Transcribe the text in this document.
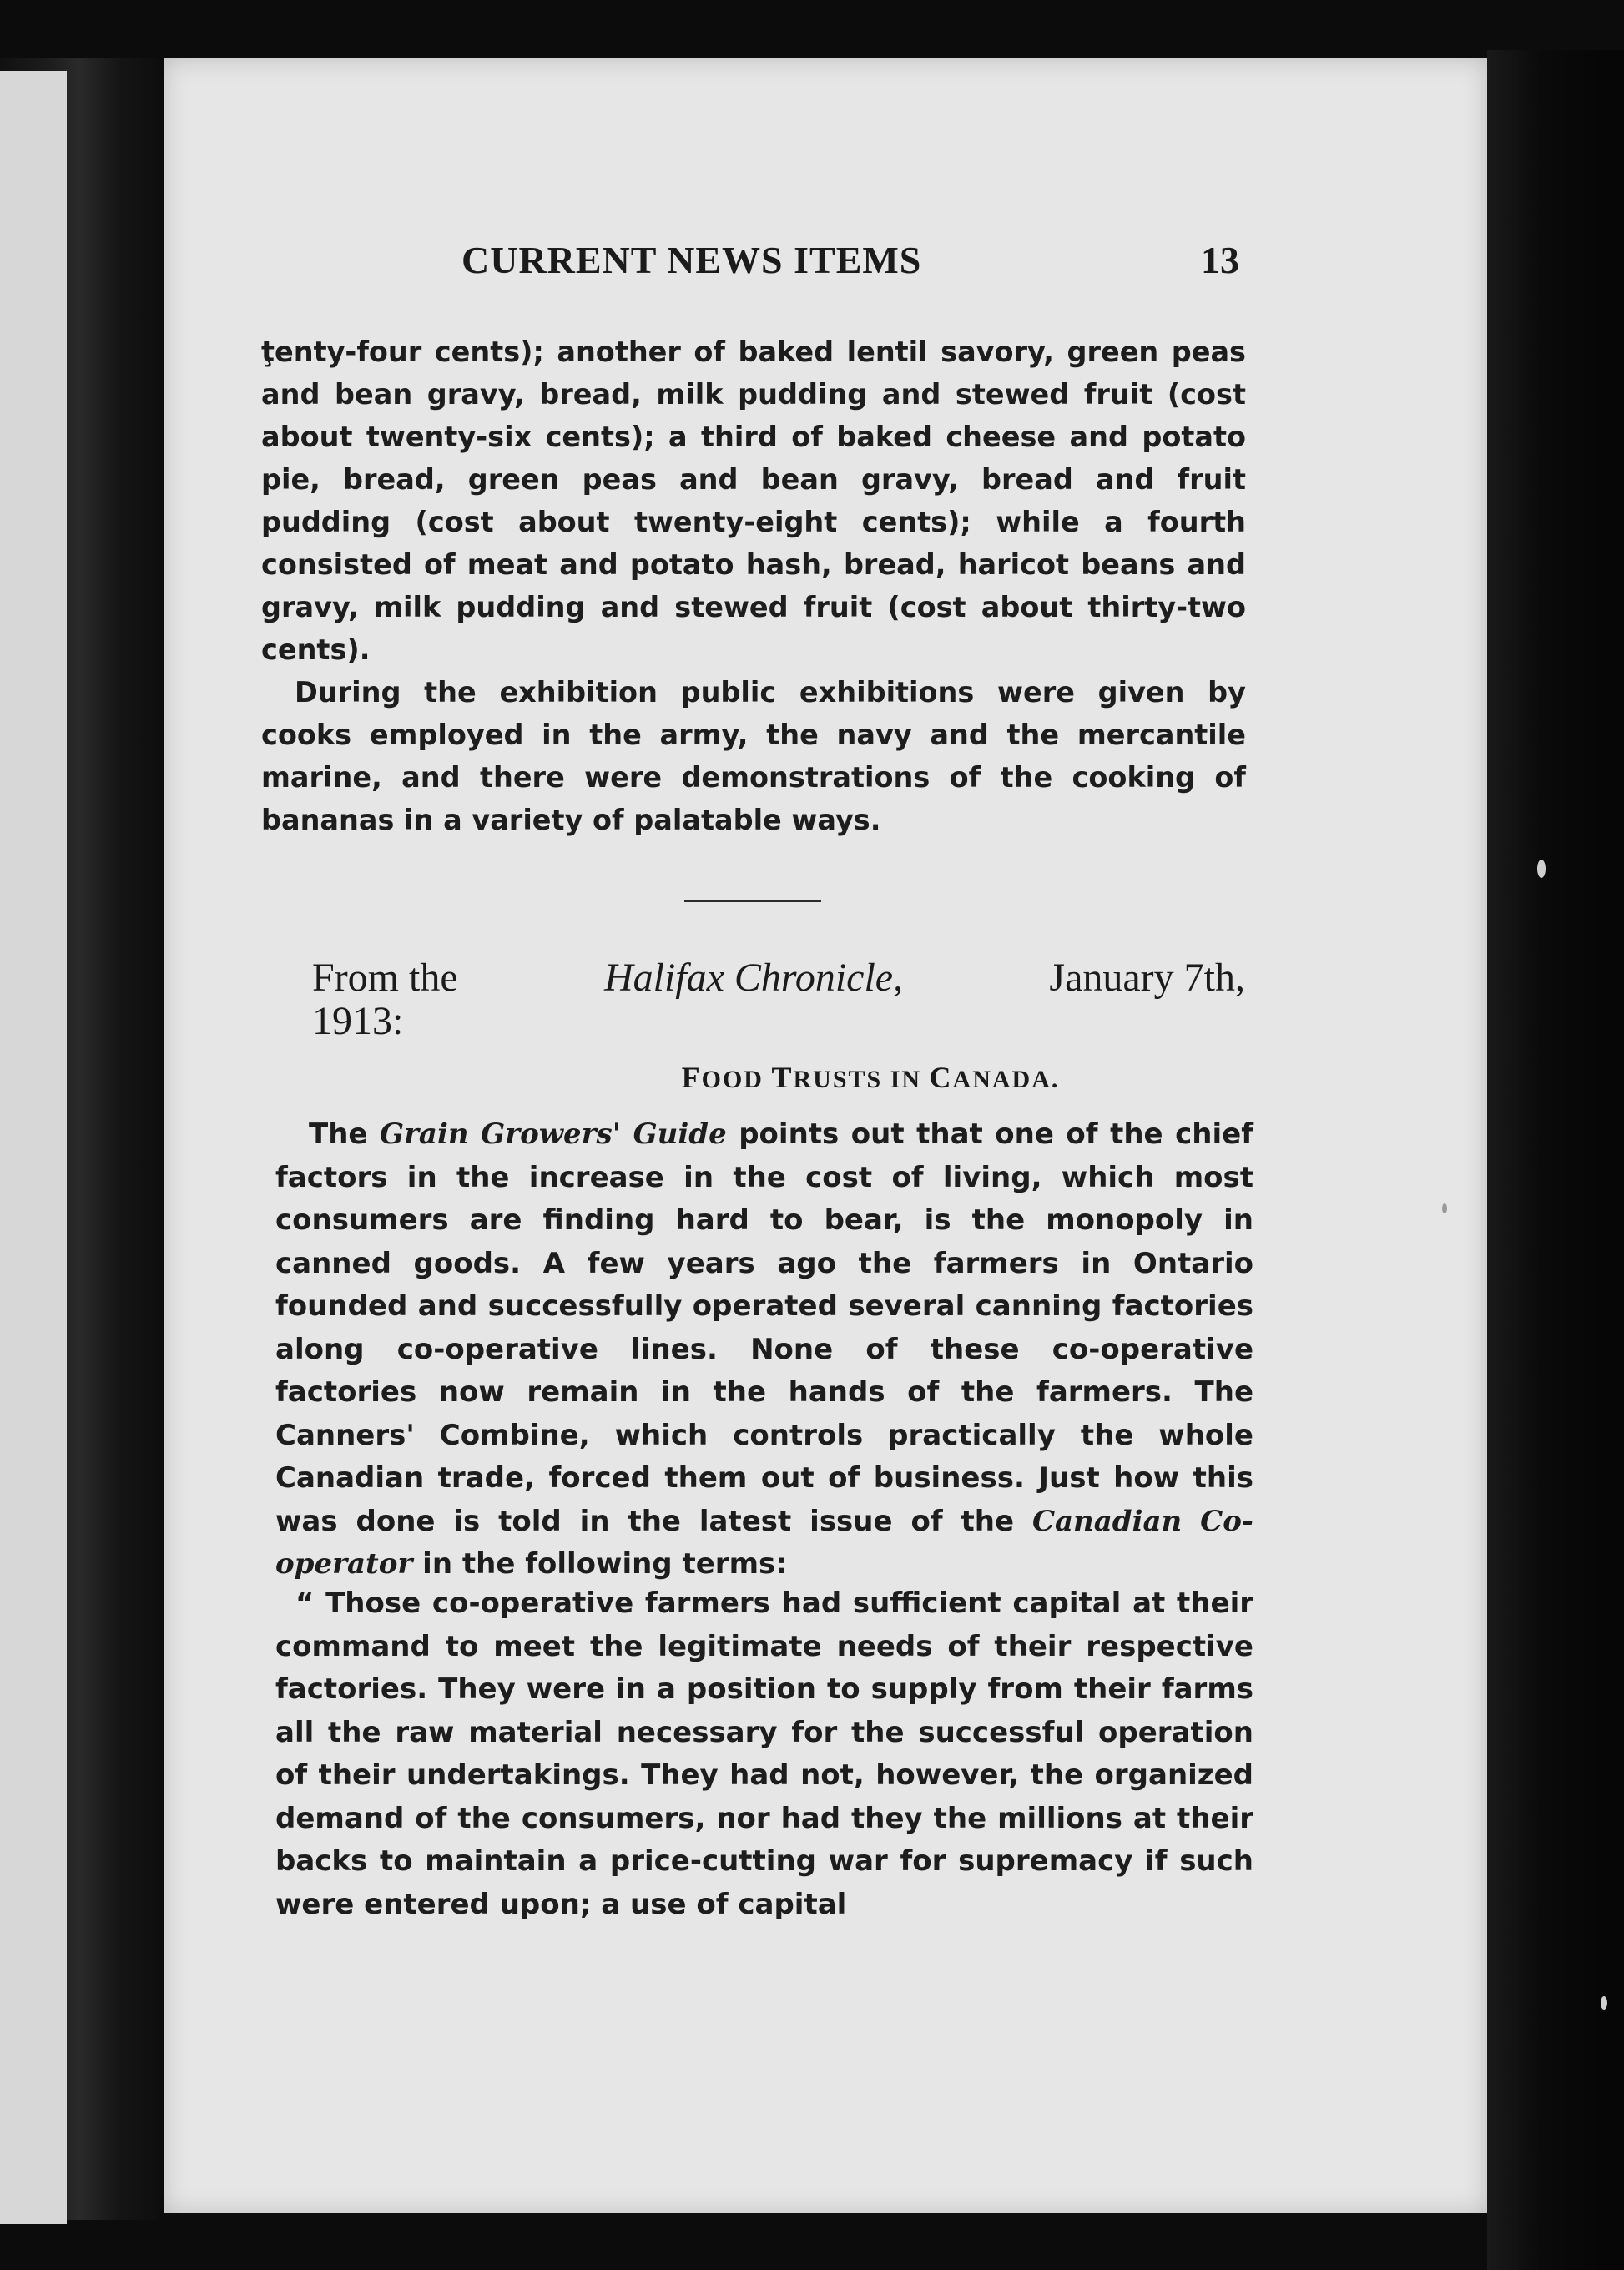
CURRENT NEWS ITEMS	13

ţenty-four cents); another of baked lentil savory, green peas and bean gravy, bread, milk pudding and stewed fruit (cost about twenty-six cents); a third of baked cheese and potato pie, bread, green peas and bean gravy, bread and fruit pudding (cost about twenty-eight cents); while a fourth consisted of meat and potato hash, bread, haricot beans and gravy, milk pudding and stewed fruit (cost about thirty-two cents).

During the exhibition public exhibitions were given by cooks employed in the army, the navy and the mercantile marine, and there were demonstrations of the cooking of bananas in a variety of palatable ways.

From the	Halifax Chronicle,	January 7th,
1913:
FOOD TRUSTS IN CANADA.

The Grain Growers' Guide points out that one of the chief factors in the increase in the cost of living, which most consumers are finding hard to bear, is the monopoly in canned goods. A few years ago the farmers in Ontario founded and successfully operated several canning factories along co-operative lines. None of these co-operative factories now remain in the hands of the farmers. The Canners' Combine, which controls practically the whole Canadian trade, forced them out of business. Just how this was done is told in the latest issue of the Canadian Co-operator in the following terms:

“ Those co-operative farmers had sufficient capital at their command to meet the legitimate needs of their respective factories. They were in a position to supply from their farms all the raw material necessary for the successful operation of their undertakings. They had not, however, the organized demand of the consumers, nor had they the millions at their backs to maintain a price-cutting war for supremacy if such were entered upon; a use of capital
